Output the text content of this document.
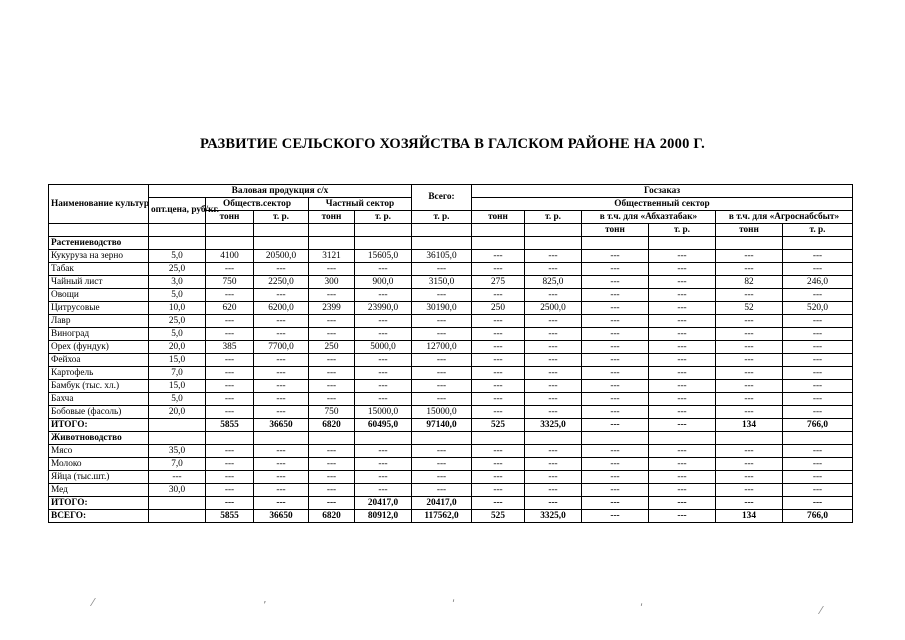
РАЗВИТИЕ СЕЛЬСКОГО ХОЗЯЙСТВА В ГАЛСКОМ РАЙОНЕ НА 2000 Г.
Наименование культур	Валовая продукция с/х					Всего:	Госзаказ					
	опт.цена, руб/кг.	Обществ.сектор		Частный сектор			Общественный сектор					
		тонн	т. р.	тонн	т. р.	т. р.	тонн	т. р.	в т.ч. для «Абхазтабак»		в т.ч. для «Агроснабсбыт»	
									тонн	т. р.	тонн	т. р.
Растениеводство												
Кукуруза на зерно	5,0	4100	20500,0	3121	15605,0	36105,0	---	---	---	---	---	---
Табак	25,0	---	---	---	---	---	---	---	---	---	---	---
Чайный лист	3,0	750	2250,0	300	900,0	3150,0	275	825,0	---	---	82	246,0
Овощи	5,0	---	---	---	---	---	---	---	---	---	---	---
Цитрусовые	10,0	620	6200,0	2399	23990,0	30190,0	250	2500,0	---	---	52	520,0
Лавр	25,0	---	---	---	---	---	---	---	---	---	---	---
Виноград	5,0	---	---	---	---	---	---	---	---	---	---	---
Орех (фундук)	20,0	385	7700,0	250	5000,0	12700,0	---	---	---	---	---	---
Фейхоа	15,0	---	---	---	---	---	---	---	---	---	---	---
Картофель	7,0	---	---	---	---	---	---	---	---	---	---	---
Бамбук (тыс. хл.)	15,0	---	---	---	---	---	---	---	---	---	---	---
Бахча	5,0	---	---	---	---	---	---	---	---	---	---	---
Бобовые (фасоль)	20,0	---	---	750	15000,0	15000,0	---	---	---	---	---	---
ИТОГО:		5855	36650	6820	60495,0	97140,0	525	3325,0	---	---	134	766,0
Животноводство												
Мясо	35,0	---	---	---	---	---	---	---	---	---	---	---
Молоко	7,0	---	---	---	---	---	---	---	---	---	---	---
Яйца (тыс.шт.)	---	---	---	---	---	---	---	---	---	---	---	---
Мед	30,0	---	---	---	---	---	---	---	---	---	---	---
ИТОГО:		---	---	---	20417,0	20417,0	---	---	---	---	---	---
ВСЕГО:		5855	36650	6820	80912,0	117562,0	525	3325,0	---	---	134	766,0
⁄	ʼ	ʹ	ʹ	⁄
